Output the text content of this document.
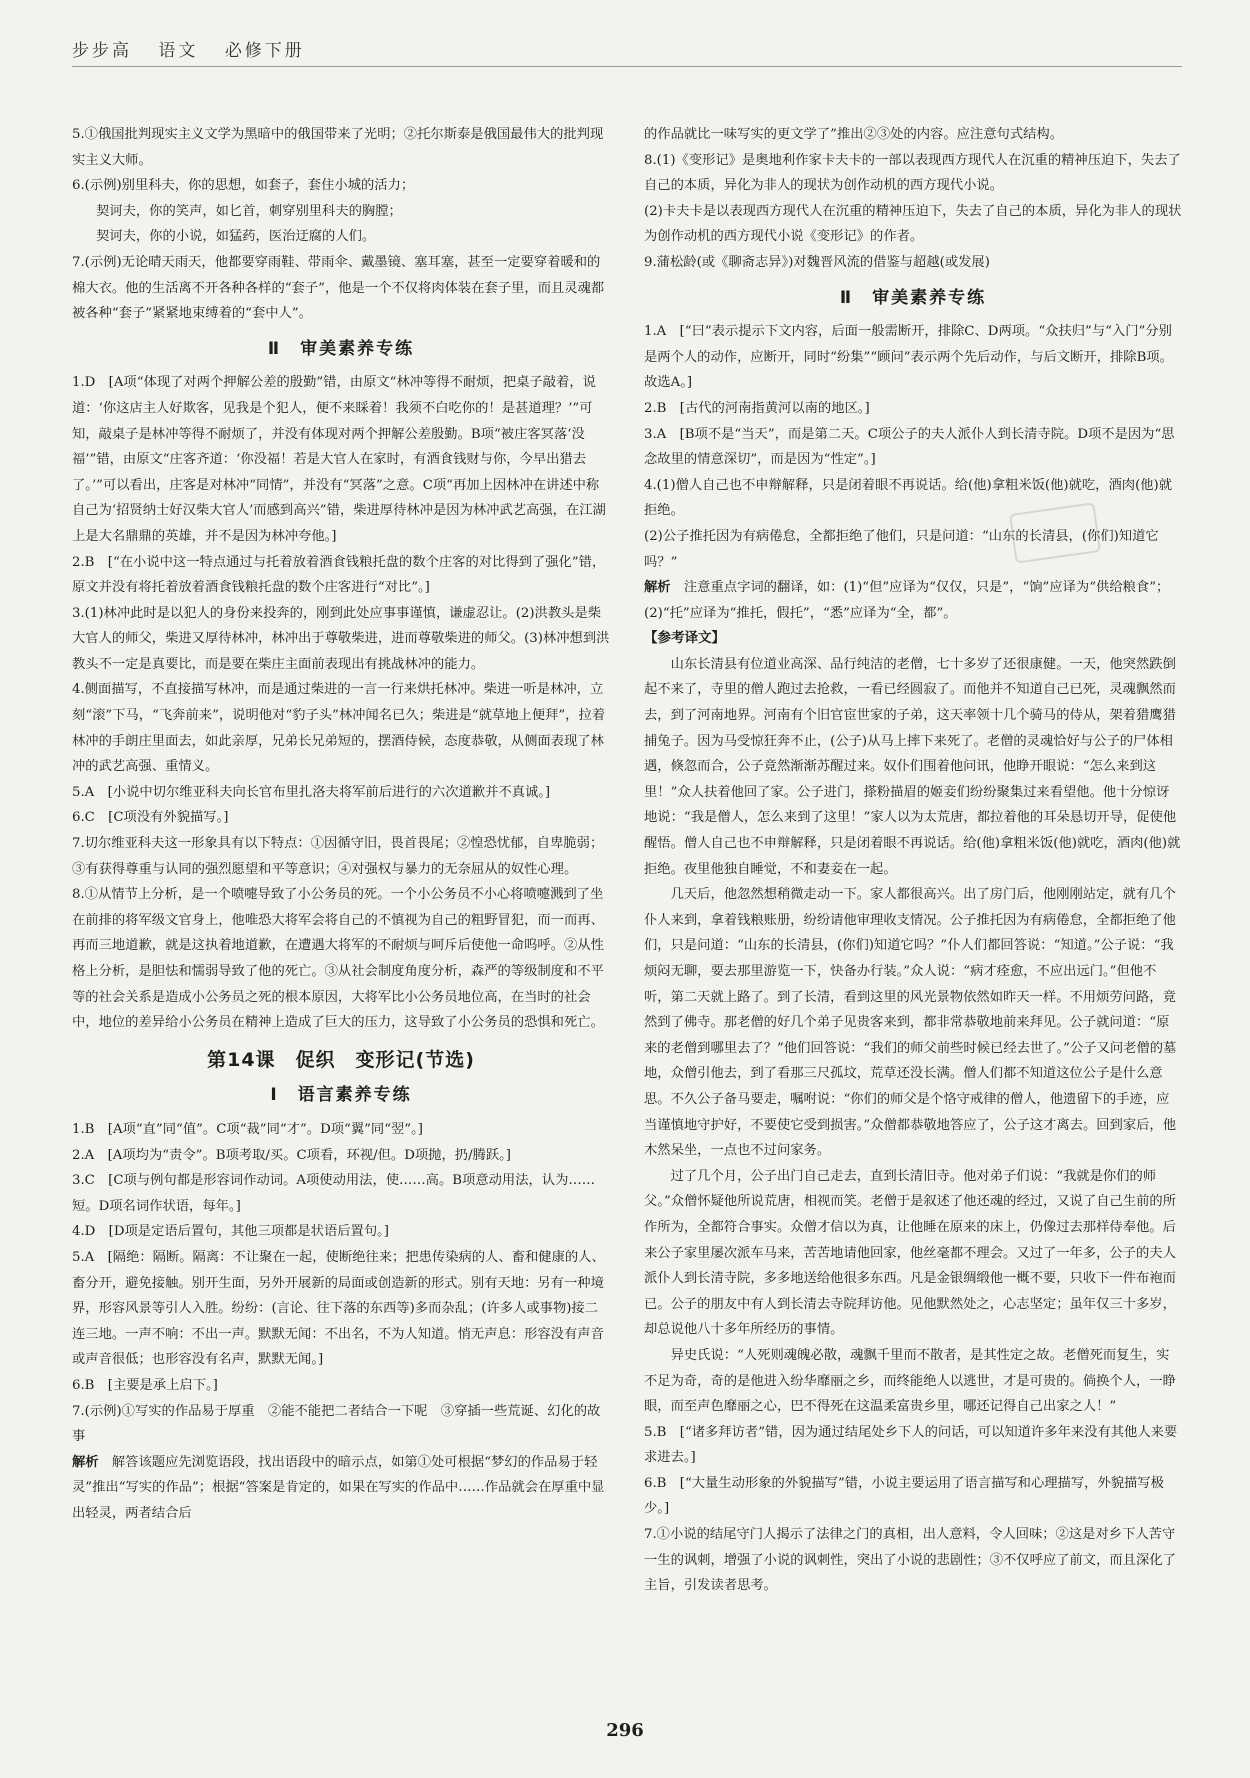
步步高 语文 必修下册

5.①俄国批判现实主义文学为黑暗中的俄国带来了光明；②托尔斯泰是俄国最伟大的批判现实主义大师。

6.(示例)别里科夫，你的思想，如套子，套住小城的活力；

契诃夫，你的笑声，如匕首，刺穿别里科夫的胸膛；

契诃夫，你的小说，如猛药，医治迂腐的人们。

7.(示例)无论晴天雨天，他都要穿雨鞋、带雨伞、戴墨镜、塞耳塞，甚至一定要穿着暖和的棉大衣。他的生活离不开各种各样的“套子”，他是一个不仅将肉体装在套子里，而且灵魂都被各种“套子”紧紧地束缚着的“套中人”。

Ⅱ　审美素养专练

1.D　[A项“体现了对两个押解公差的殷勤”错，由原文“林冲等得不耐烦，把桌子敲着，说道：‘你这店主人好欺客，见我是个犯人，便不来睬着！我须不白吃你的！是甚道理？’”可知，敲桌子是林冲等得不耐烦了，并没有体现对两个押解公差殷勤。B项“被庄客冥落‘没福’”错，由原文“庄客齐道：‘你没福！若是大官人在家时，有酒食钱财与你，今早出猎去了。’”可以看出，庄客是对林冲“同情”，并没有“冥落”之意。C项“再加上因林冲在讲述中称自己为‘招贤纳士好汉柴大官人’而感到高兴”错，柴进厚待林冲是因为林冲武艺高强，在江湖上是大名鼎鼎的英雄，并不是因为林冲夸他。]

2.B　[“在小说中这一特点通过与托着放着酒食钱粮托盘的数个庄客的对比得到了强化”错，原文并没有将托着放着酒食钱粮托盘的数个庄客进行“对比”。]

3.(1)林冲此时是以犯人的身份来投奔的，刚到此处应事事谨慎，谦虚忍让。(2)洪教头是柴大官人的师父，柴进又厚待林冲，林冲出于尊敬柴进，进而尊敬柴进的师父。(3)林冲想到洪教头不一定是真要比，而是要在柴庄主面前表现出有挑战林冲的能力。

4.侧面描写，不直接描写林冲，而是通过柴进的一言一行来烘托林冲。柴进一听是林冲，立刻“滚”下马，“飞奔前来”，说明他对“豹子头”林冲闻名已久；柴进是“就草地上便拜”，拉着林冲的手朗庄里面去，如此亲厚，兄弟长兄弟短的，摆酒侍候，态度恭敬，从侧面表现了林冲的武艺高强、重情义。

5.A　[小说中切尔维亚科夫向长官布里扎洛夫将军前后进行的六次道歉并不真诚。]

6.C　[C项没有外貌描写。]

7.切尔维亚科夫这一形象具有以下特点：①因循守旧，畏首畏尾；②惶恐忧郁，自卑脆弱；③有获得尊重与认同的强烈愿望和平等意识；④对强权与暴力的无奈屈从的奴性心理。

8.①从情节上分析，是一个喷嚏导致了小公务员的死。一个小公务员不小心将喷嚏溅到了坐在前排的将军级文官身上，他唯恐大将军会将自己的不慎视为自己的粗野冒犯，而一而再、再而三地道歉，就是这执着地道歉，在遭遇大将军的不耐烦与呵斥后使他一命呜呼。②从性格上分析，是胆怯和懦弱导致了他的死亡。③从社会制度角度分析，森严的等级制度和不平等的社会关系是造成小公务员之死的根本原因，大将军比小公务员地位高，在当时的社会中，地位的差异给小公务员在精神上造成了巨大的压力，这导致了小公务员的恐惧和死亡。

第14课　促织　变形记(节选)
Ⅰ　语言素养专练

1.B　[A项“直”同“值”。C项“裁”同“才”。D项“翼”同“翌”。]

2.A　[A项均为“责令”。B项考取/买。C项看，环视/但。D项抛，扔/腾跃。]

3.C　[C项与例句都是形容词作动词。A项使动用法，使……高。B项意动用法，认为……短。D项名词作状语，每年。]

4.D　[D项是定语后置句，其他三项都是状语后置句。]

5.A　[隔绝：隔断。隔离：不让聚在一起，使断绝往来；把患传染病的人、畜和健康的人、畜分开，避免接触。别开生面，另外开展新的局面或创造新的形式。别有天地：另有一种境界，形容风景等引人入胜。纷纷：(言论、往下落的东西等)多而杂乱；(许多人或事物)接二连三地。一声不响：不出一声。默默无闻：不出名，不为人知道。悄无声息：形容没有声音或声音很低；也形容没有名声，默默无闻。]

6.B　[主要是承上启下。]

7.(示例)①写实的作品易于厚重　②能不能把二者结合一下呢　③穿插一些荒诞、幻化的故事

解析　 解答该题应先浏览语段，找出语段中的暗示点，如第①处可根据“梦幻的作品易于轻灵”推出“写实的作品”；根据“答案是肯定的，如果在写实的作品中……作品就会在厚重中显出轻灵，两者结合后

的作品就比一味写实的更文学了”推出②③处的内容。应注意句式结构。

8.(1)《变形记》是奥地利作家卡夫卡的一部以表现西方现代人在沉重的精神压迫下，失去了自己的本质，异化为非人的现状为创作动机的西方现代小说。

(2)卡夫卡是以表现西方现代人在沉重的精神压迫下，失去了自己的本质，异化为非人的现状为创作动机的西方现代小说《变形记》的作者。

9.蒲松龄(或《聊斋志异》)对魏晋风流的借鉴与超越(或发展)

Ⅱ　审美素养专练

1.A　[“曰”表示提示下文内容，后面一般需断开，排除C、D两项。“众扶归”与“入门”分别是两个人的动作，应断开，同时“纷集”“顾问”表示两个先后动作，与后文断开，排除B项。故选A。]

2.B　[古代的河南指黄河以南的地区。]

3.A　[B项不是“当天”，而是第二天。C项公子的夫人派仆人到长清寺院。D项不是因为“思念故里的情意深切”，而是因为“性定”。]

4.(1)僧人自己也不申辩解释，只是闭着眼不再说话。给(他)拿粗米饭(他)就吃，酒肉(他)就拒绝。

(2)公子推托因为有病倦怠，全都拒绝了他们，只是问道：“山东的长清县，(你们)知道它吗？”

解析　 注意重点字词的翻译，如：(1)“但”应译为“仅仅，只是”，“饷”应译为“供给粮食”；(2)“托”应译为“推托，假托”，“悉”应译为“全，都”。

【参考译文】

山东长清县有位道业高深、品行纯洁的老僧，七十多岁了还很康健。一天，他突然跌倒起不来了，寺里的僧人跑过去抢救，一看已经圆寂了。而他并不知道自己已死，灵魂飘然而去，到了河南地界。河南有个旧官宦世家的子弟，这天率领十几个骑马的侍从，架着猎鹰猎捕兔子。因为马受惊狂奔不止，(公子)从马上摔下来死了。老僧的灵魂恰好与公子的尸体相遇，倏忽而合，公子竟然渐渐苏醒过来。奴仆们围着他问讯，他睁开眼说：“怎么来到这里！”众人扶着他回了家。公子进门，搽粉描眉的姬妾们纷纷聚集过来看望他。他十分惊讶地说：“我是僧人，怎么来到了这里！”家人以为太荒唐，都拉着他的耳朵恳切开导，促使他醒悟。僧人自己也不申辩解释，只是闭着眼不再说话。给(他)拿粗米饭(他)就吃，酒肉(他)就拒绝。夜里他独自睡觉，不和妻妾在一起。

几天后，他忽然想稍微走动一下。家人都很高兴。出了房门后，他刚刚站定，就有几个仆人来到，拿着钱粮账册，纷纷请他审理收支情况。公子推托因为有病倦怠，全都拒绝了他们，只是问道：“山东的长清县，(你们)知道它吗？”仆人们都回答说：“知道。”公子说：“我烦闷无聊，要去那里游览一下，快备办行装。”众人说：“病才痊愈，不应出远门。”但他不听，第二天就上路了。到了长清，看到这里的风光景物依然如昨天一样。不用烦劳问路，竟然到了佛寺。那老僧的好几个弟子见贵客来到，都非常恭敬地前来拜见。公子就问道：“原来的老僧到哪里去了？”他们回答说：“我们的师父前些时候已经去世了。”公子又问老僧的墓地，众僧引他去，到了看那三尺孤坟，荒草还没长满。僧人们都不知道这位公子是什么意思。不久公子备马要走，嘱咐说：“你们的师父是个恪守戒律的僧人，他遗留下的手迹，应当谨慎地守护好，不要使它受到损害。”众僧都恭敬地答应了，公子这才离去。回到家后，他木然呆坐，一点也不过问家务。

过了几个月，公子出门自己走去，直到长清旧寺。他对弟子们说：“我就是你们的师父。”众僧怀疑他所说荒唐，相视而笑。老僧于是叙述了他还魂的经过，又说了自己生前的所作所为，全都符合事实。众僧才信以为真，让他睡在原来的床上，仍像过去那样侍奉他。后来公子家里屡次派车马来，苦苦地请他回家，他丝毫都不理会。又过了一年多，公子的夫人派仆人到长清寺院，多多地送给他很多东西。凡是金银绸缎他一概不要，只收下一件布袍而已。公子的朋友中有人到长清去寺院拜访他。见他默然处之，心志坚定；虽年仅三十多岁，却总说他八十多年所经历的事情。

异史氏说：“人死则魂魄必散，魂飘千里而不散者，是其性定之故。老僧死而复生，实不足为奇，奇的是他进入纷华靡丽之乡，而终能绝人以逃世，才是可贵的。倘换个人，一睁眼，而至声色靡丽之心，巴不得死在这温柔富贵乡里，哪还记得自己出家之人！”

5.B　[“诸多拜访者”错，因为通过结尾处乡下人的问话，可以知道许多年来没有其他人来要求进去。]

6.B　[“大量生动形象的外貌描写”错，小说主要运用了语言描写和心理描写，外貌描写极少。]

7.①小说的结尾守门人揭示了法律之门的真相，出人意料，令人回味；②这是对乡下人苦守一生的讽刺，增强了小说的讽刺性，突出了小说的悲剧性；③不仅呼应了前文，而且深化了主旨，引发读者思考。

296
